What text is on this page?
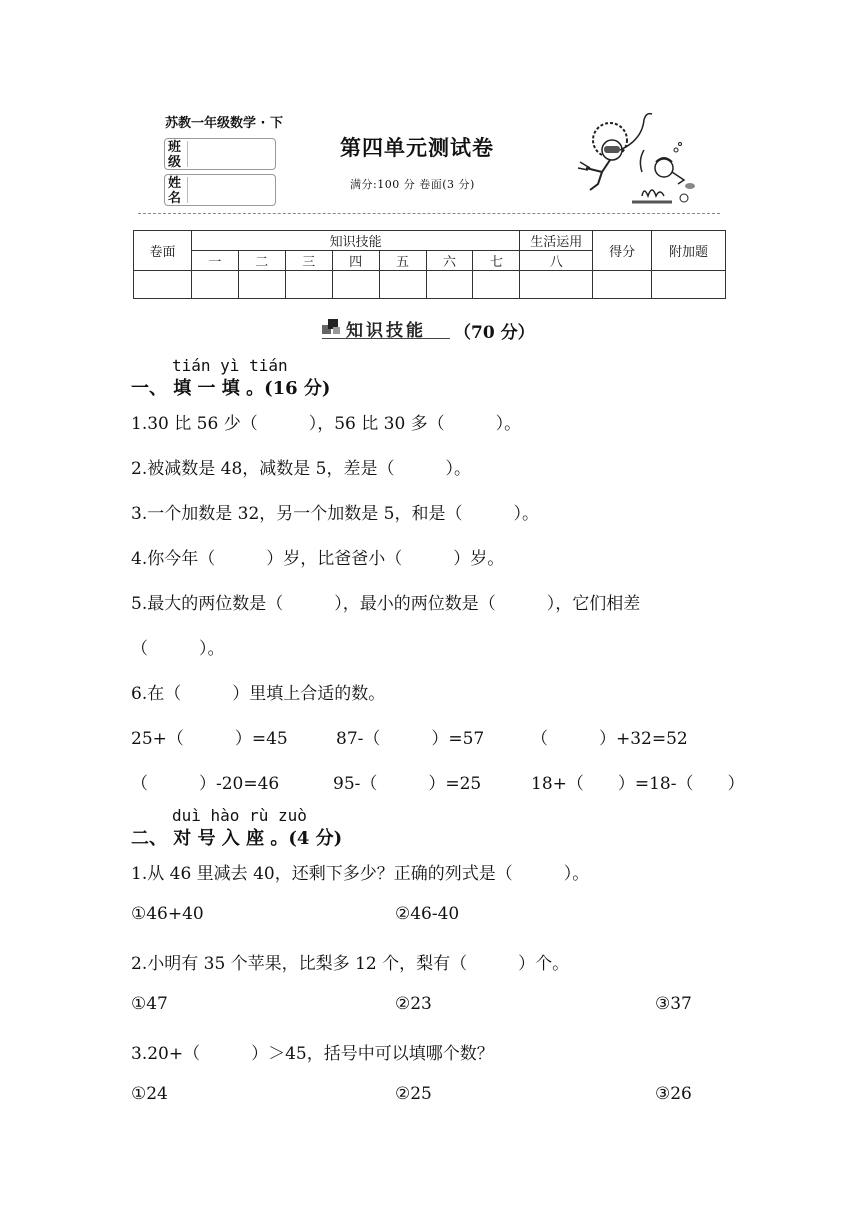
苏教一年级数学 · 下
班
级
姓
名
第四单元测试卷
满分:100 分 卷面(3 分)
卷面	知识技能							生活运用	得分	附加题
	一	二	三	四	五	六	七	八		

知识技能 （70 分）
tián yì tián
一、 填 一 填 。(16 分)
1.30 比 56 少（　　　），56 比 30 多（　　　）。
2.被减数是 48，减数是 5，差是（　　　）。
3.一个加数是 32，另一个加数是 5，和是（　　　）。
4.你今年（　　　）岁，比爸爸小（　　　）岁。
5.最大的两位数是（　　　），最小的两位数是（　　　），它们相差
（　　　）。
6.在（　　　）里填上合适的数。
25+（　　　）=45	87-（　　　）=57	（　　　）+32=52
（　　　）-20=46	95-（　　　）=25	18+（　　）=18-（　　）
duì hào rù zuò
二、 对 号 入 座 。(4 分)
1.从 46 里减去 40，还剩下多少？正确的列式是（　　　）。
①46+40	②46-40
2.小明有 35 个苹果，比梨多 12 个，梨有（　　　）个。
①47	②23	③37
3.20+（　　　）＞45，括号中可以填哪个数？
①24	②25	③26
